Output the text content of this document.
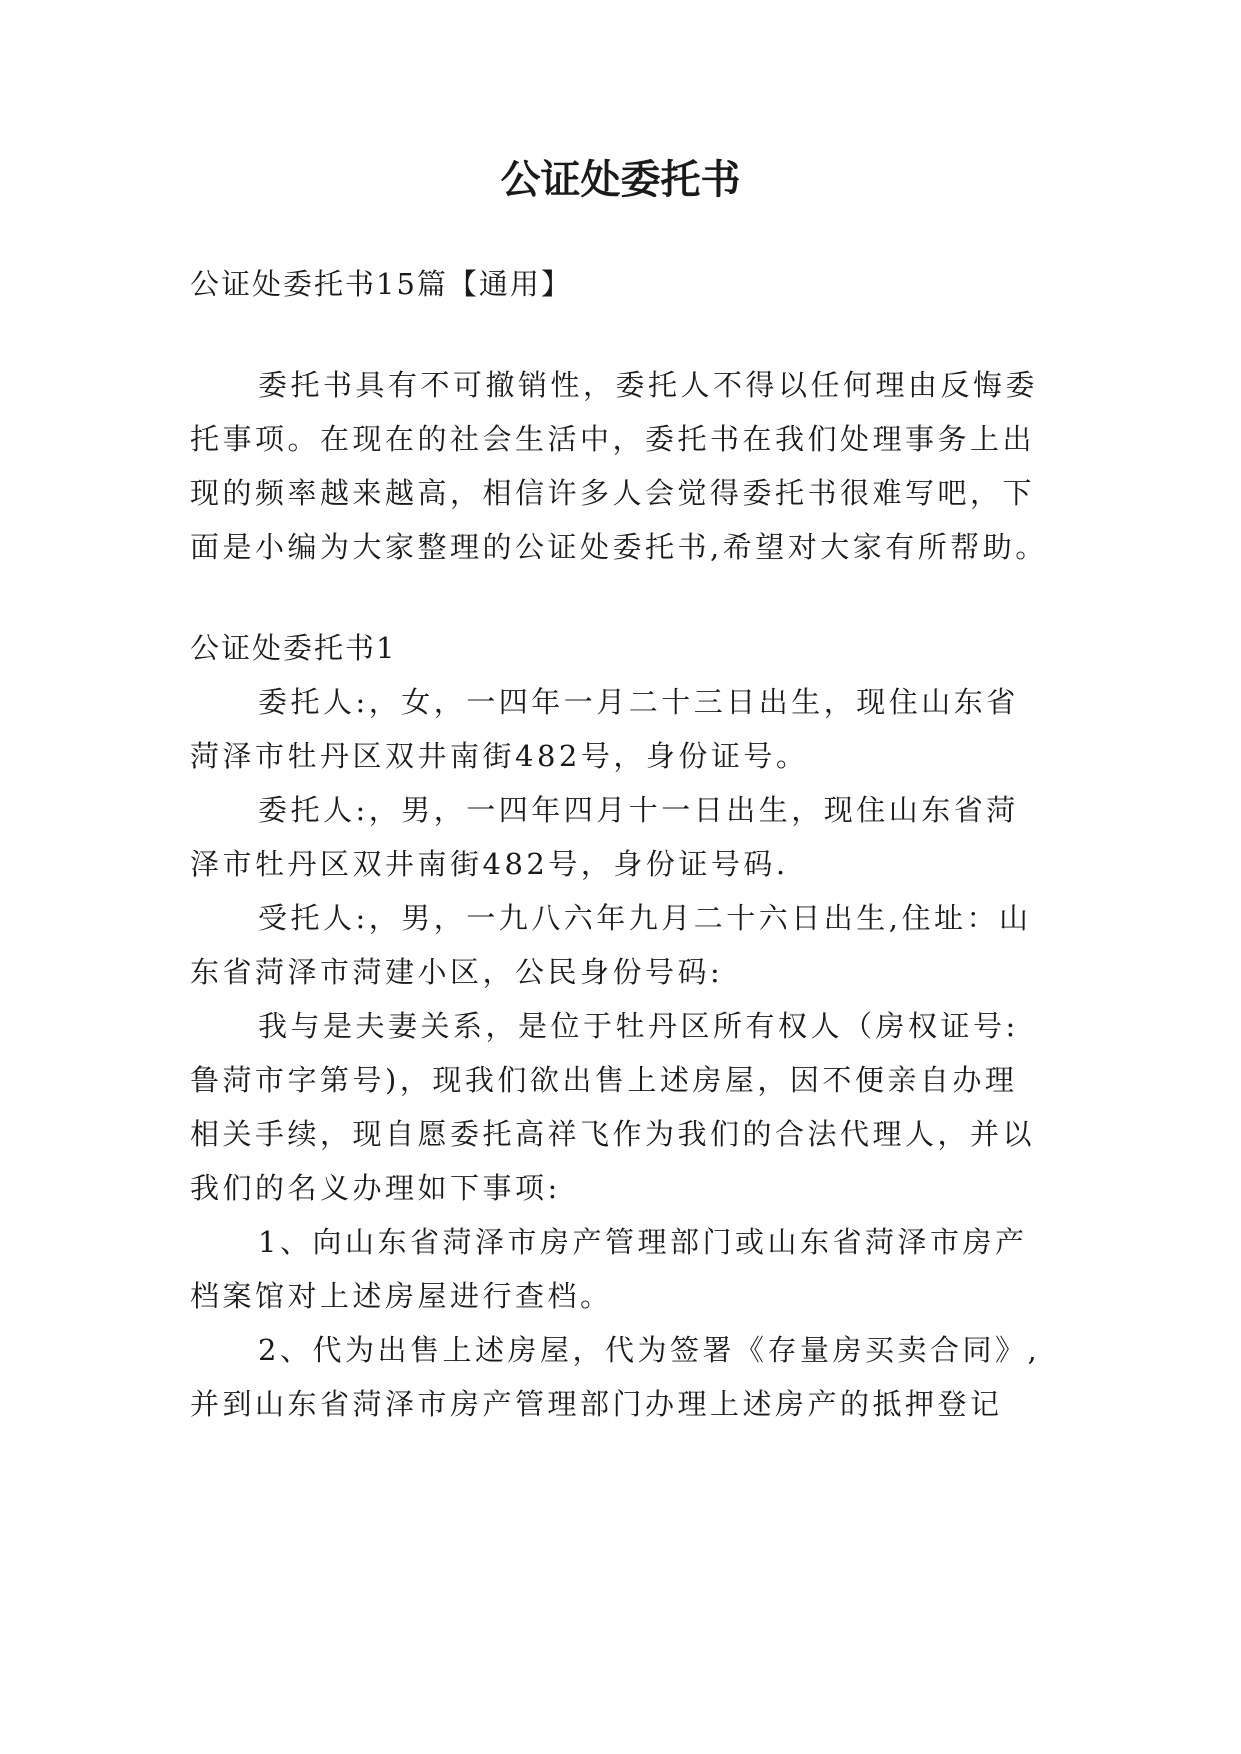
公证处委托书

公证处委托书15篇【通用】

委托书具有不可撤销性，委托人不得以任何理由反悔委

托事项。在现在的社会生活中，委托书在我们处理事务上出

现的频率越来越高，相信许多人会觉得委托书很难写吧，下

面是小编为大家整理的公证处委托书,希望对大家有所帮助。

公证处委托书1

委托人:，女，一四年一月二十三日出生，现住山东省

菏泽市牡丹区双井南街482号，身份证号。

委托人:，男，一四年四月十一日出生，现住山东省菏

泽市牡丹区双井南街482号，身份证号码.

受托人:，男，一九八六年九月二十六日出生,住址：山

东省菏泽市菏建小区，公民身份号码:

我与是夫妻关系，是位于牡丹区所有权人（房权证号:

鲁菏市字第号)，现我们欲出售上述房屋，因不便亲自办理

相关手续，现自愿委托高祥飞作为我们的合法代理人，并以

我们的名义办理如下事项:

1、向山东省菏泽市房产管理部门或山东省菏泽市房产

档案馆对上述房屋进行查档。

2、代为出售上述房屋，代为签署《存量房买卖合同》,

并到山东省菏泽市房产管理部门办理上述房产的抵押登记
